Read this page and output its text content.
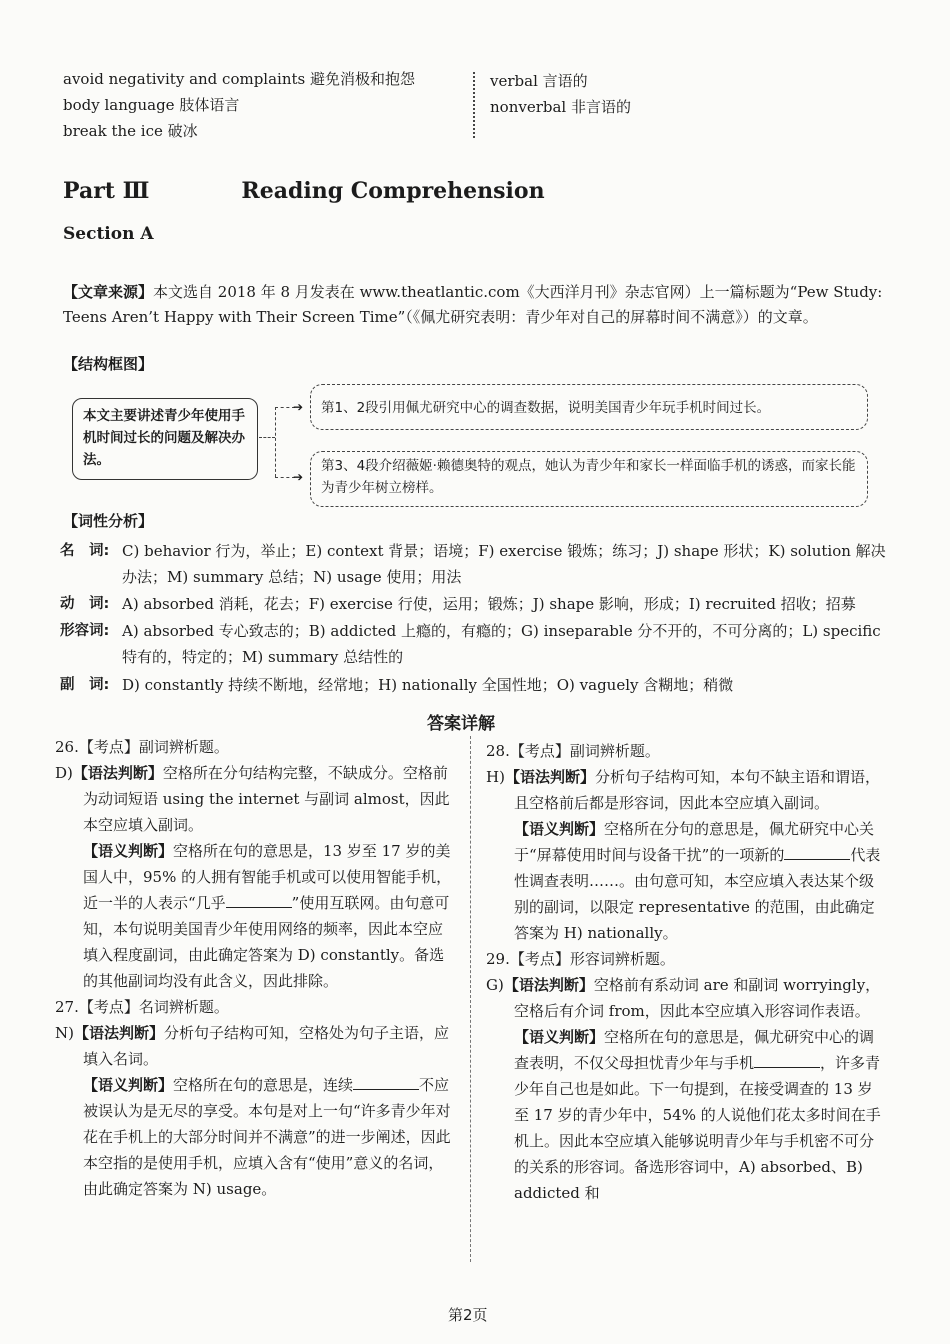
avoid negativity and complaints 避免消极和抱怨
body language 肢体语言
break the ice 破冰
verbal 言语的
nonverbal 非言语的
Part Ⅲ	Reading Comprehension
Section A
【文章来源】本文选自 2018 年 8 月发表在 www.theatlantic.com《大西洋月刊》杂志官网）上一篇标题为“Pew Study: Teens Aren’t Happy with Their Screen Time”（《佩尤研究表明：青少年对自己的屏幕时间不满意》）的文章。
【结构框图】
本文主要讲述青少年使用手机时间过长的问题及解决办法。
➔
➔
第1、2段引用佩尤研究中心的调查数据，说明美国青少年玩手机时间过长。
第3、4段介绍薇姬·赖德奥特的观点，她认为青少年和家长一样面临手机的诱惑，而家长能为青少年树立榜样。
【词性分析】
名　词: C) behavior 行为，举止；E) context 背景；语境；F) exercise 锻炼；练习；J) shape 形状；K) solution 解决办法；M) summary 总结；N) usage 使用；用法
动　词: A) absorbed 消耗，花去；F) exercise 行使，运用；锻炼；J) shape 影响，形成；I) recruited 招收；招募
形容词: A) absorbed 专心致志的；B) addicted 上瘾的，有瘾的；G) inseparable 分不开的，不可分离的；L) specific 特有的，特定的；M) summary 总结性的
副　词: D) constantly 持续不断地，经常地；H) nationally 全国性地；O) vaguely 含糊地；稍微
答案详解

26.【考点】副词辨析题。

D)【语法判断】空格所在分句结构完整，不缺成分。空格前为动词短语 using the internet 与副词 almost，因此本空应填入副词。

【语义判断】空格所在句的意思是，13 岁至 17 岁的美国人中，95% 的人拥有智能手机或可以使用智能手机，近一半的人表示“几乎	”使用互联网。由句意可知，本句说明美国青少年使用网络的频率，因此本空应填入程度副词，由此确定答案为 D) constantly。备选的其他副词均没有此含义，因此排除。

27.【考点】名词辨析题。

N)【语法判断】分析句子结构可知，空格处为句子主语，应填入名词。

【语义判断】空格所在句的意思是，连续	不应被误认为是无尽的享受。本句是对上一句“许多青少年对花在手机上的大部分时间并不满意”的进一步阐述，因此本空指的是使用手机，应填入含有“使用”意义的名词，由此确定答案为 N) usage。

28.【考点】副词辨析题。

H)【语法判断】分析句子结构可知，本句不缺主语和谓语，且空格前后都是形容词，因此本空应填入副词。

【语义判断】空格所在分句的意思是，佩尤研究中心关于“屏幕使用时间与设备干扰”的一项新的	代表性调查表明……。由句意可知，本空应填入表达某个级别的副词，以限定 representative 的范围，由此确定答案为 H) nationally。

29.【考点】形容词辨析题。

G)【语法判断】空格前有系动词 are 和副词 worryingly，空格后有介词 from，因此本空应填入形容词作表语。

【语义判断】空格所在句的意思是，佩尤研究中心的调查表明，不仅父母担忧青少年与手机	，许多青少年自己也是如此。下一句提到，在接受调查的 13 岁至 17 岁的青少年中，54% 的人说他们花太多时间在手机上。因此本空应填入能够说明青少年与手机密不可分的关系的形容词。备选形容词中，A) absorbed、B) addicted 和

第2页
